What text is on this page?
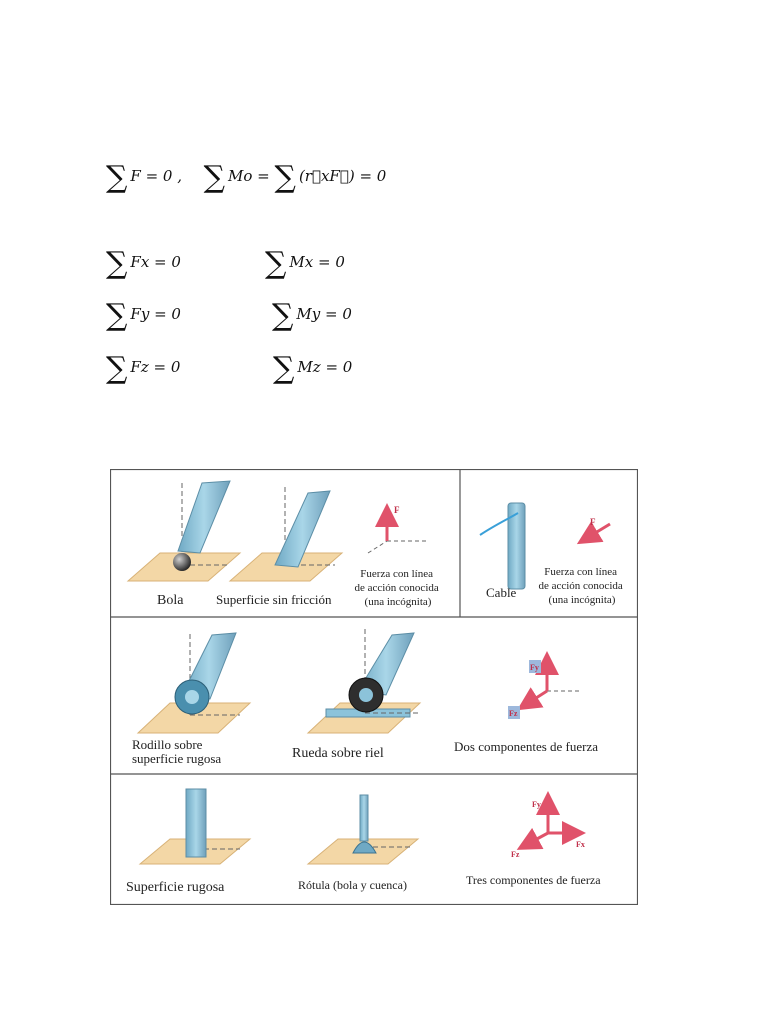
∑ F = 0 , ∑ Mo = ∑ (r⃗xF⃗) = 0
∑ Fx = 0	∑ Mx = 0
∑ Fy = 0	∑ My = 0
∑ Fz = 0	∑ Mz = 0
Bola	Superficie sin fricción
F
Fuerza con línea de acción conocida (una incógnita)
F
Cable
Fuerza con línea de acción conocida (una incógnita)
Rodillo sobre superficie rugosa	Rueda sobre riel
Fy
Fz
Dos componentes de fuerza
Superficie rugosa	Rótula (bola y cuenca)
Fy
Fx
Fz
Tres componentes de fuerza
